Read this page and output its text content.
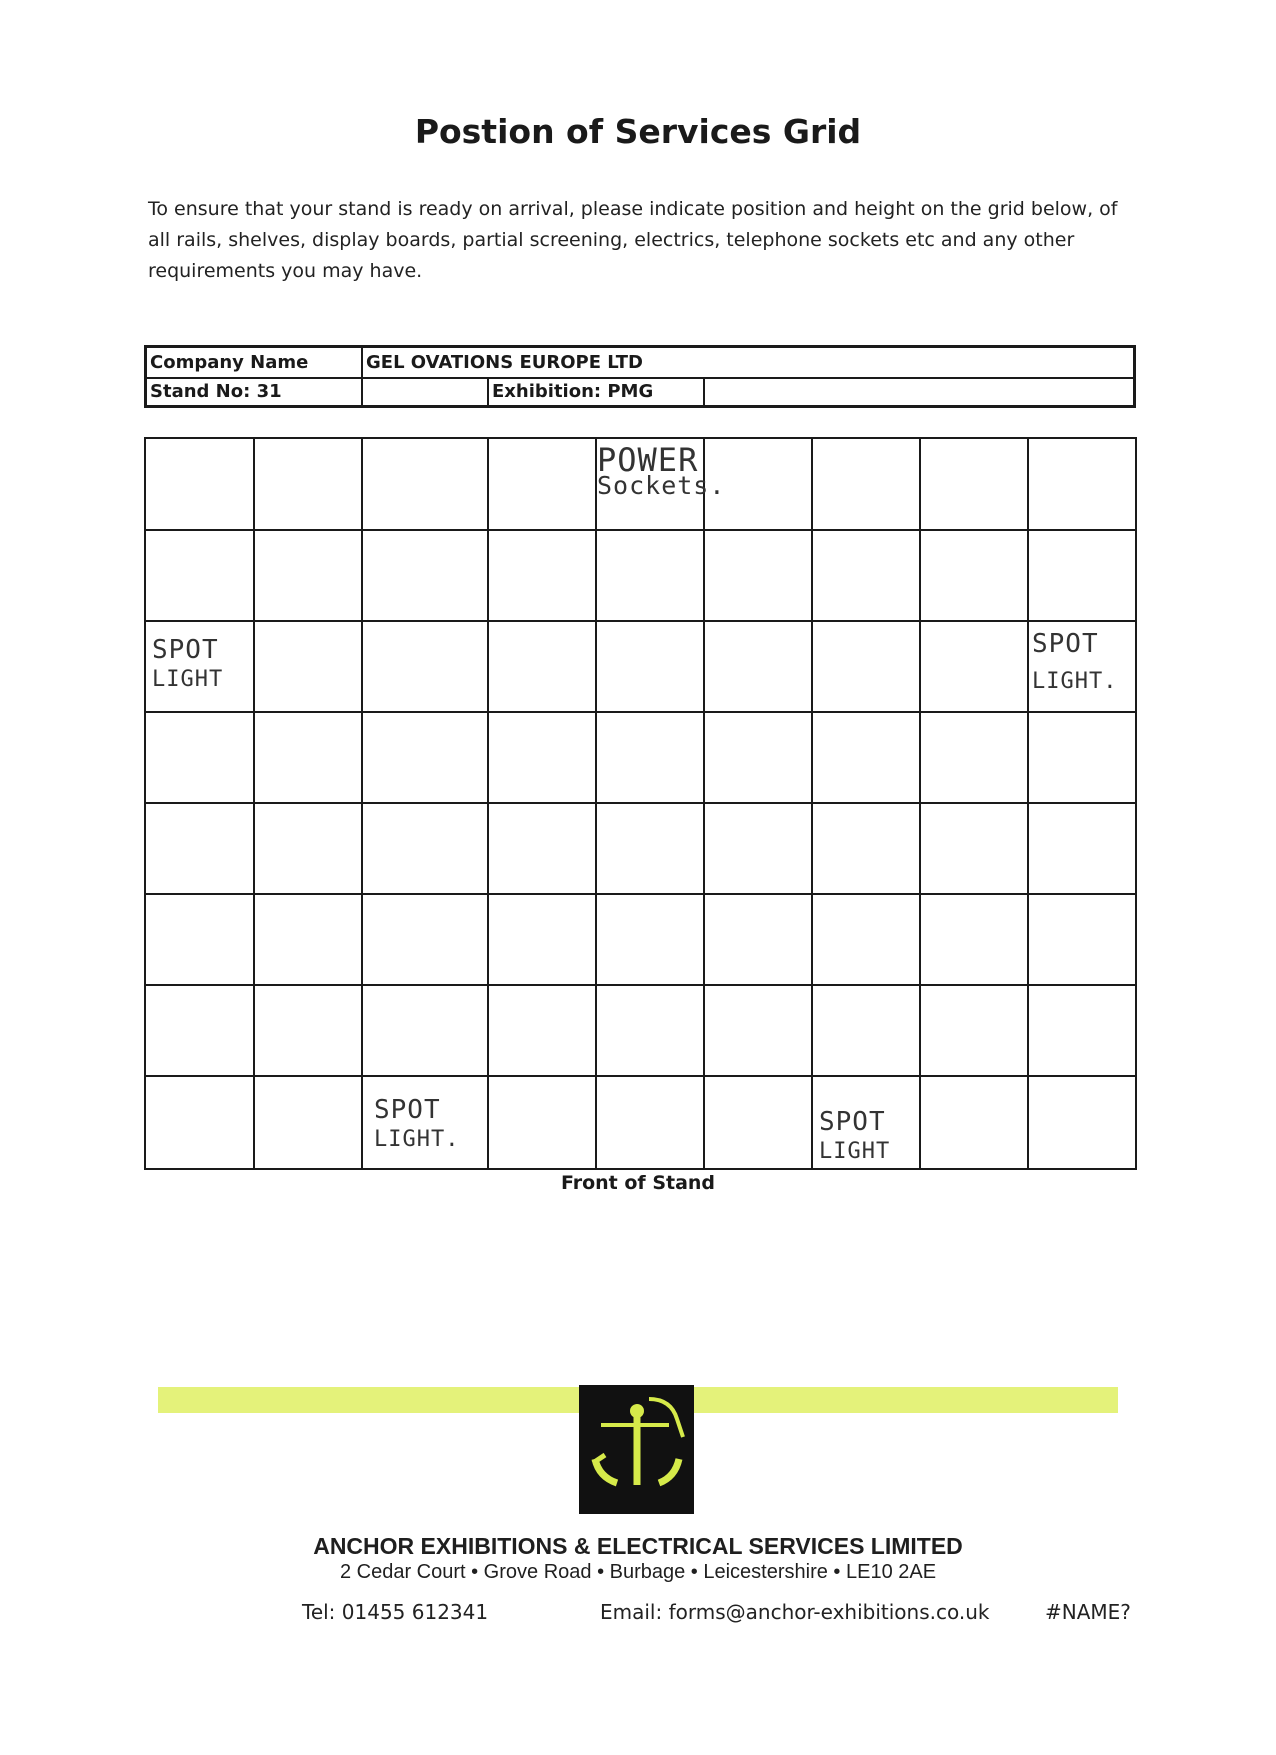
Postion of Services Grid
To ensure that your stand is ready on arrival, please indicate position and height on the grid below, of all rails, shelves, display boards, partial screening, electrics, telephone sockets etc and any other requirements you may have.
Company Name	GEL OVATIONS EUROPE LTD
Stand No: 31	Exhibition: PMG
POWER
Sockets.
SPOT
LIGHT
SPOT
LIGHT.
SPOT
LIGHT.
SPOT
LIGHT
Front of Stand
ANCHOR EXHIBITIONS & ELECTRICAL SERVICES LIMITED
2 Cedar Court • Grove Road • Burbage • Leicestershire • LE10 2AE
Tel: 01455 612341	Email: forms@anchor-exhibitions.co.uk	#NAME?
